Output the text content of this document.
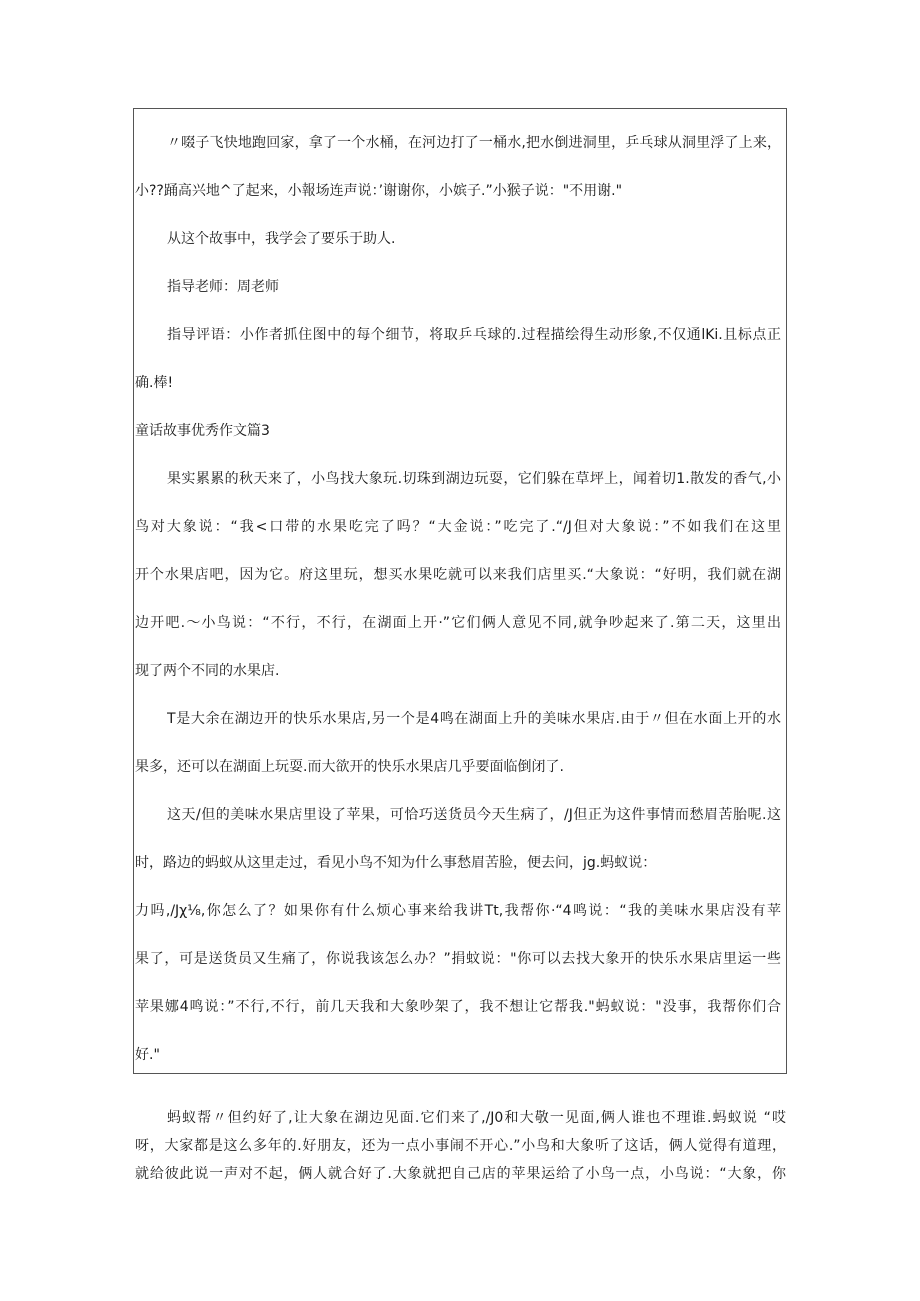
〃啜子飞快地跑回家，拿了一个水桶，在河边打了一桶水,把水倒进洞里，乒乓球从洞里浮了上来，
小??踊高兴地^了起来，小報场连声说：’谢谢你，小嫔子.”小猴子说："不用谢."
从这个故事中，我学会了要乐于助人.
指导老师：周老师
指导评语：小作者抓住图中的每个细节，将取乒乓球的.过程描绘得生动形象,不仅通lKi.且标点正
确.棒!
童话故事优秀作文篇3
果实累累的秋天来了，小鸟找大象玩.切珠到湖边玩耍，它们躲在草坪上，闻着切1.散发的香气,小
鸟对大象说：“我<口带的水果吃完了吗？“大金说：”吃完了.“/J但对大象说：”不如我们在这里
开个水果店吧，因为它。府这里玩，想买水果吃就可以来我们店里买.“大象说：“好明，我们就在湖
边开吧.〜小鸟说：“不行，不行，在湖面上开·”它们俩人意见不同,就争吵起来了.第二天，这里出
现了两个不同的水果店.
T是大余在湖边开的快乐水果店,另一个是4鸣在湖面上升的美味水果店.由于〃但在水面上开的水
果多，还可以在湖面上玩耍.而大欲开的快乐水果店几乎要面临倒闭了.
这天/但的美味水果店里设了苹果，可恰巧送货员今天生病了，/J但正为这件事情而愁眉苦胎呢.这
时，路边的蚂蚁从这里走过，看见小鸟不知为什么事愁眉苦脸，便去问，jg.蚂蚁说：
力吗,/Jχ⅛,你怎么了？如果你有什么烦心事来给我讲Tt,我帮你·“4鸣说：“我的美味水果店没有苹
果了，可是送货员又生痛了，你说我该怎么办？”捐蚊说："你可以去找大象开的快乐水果店里运一些
苹果娜4鸣说：”不行,不行，前几天我和大象吵架了，我不想让它帮我."蚂蚁说："没事，我帮你们合
好."
蚂蚁帮〃但约好了,让大象在湖边见面.它们来了,/J0和大敬一见面,俩人谁也不理谁.蚂蚁说 “哎
呀，大家都是这么多年的.好朋友，还为一点小事闹不开心.”小鸟和大象听了这话，俩人觉得有道理，
就给彼此说一声对不起，俩人就合好了.大象就把自己店的苹果运给了小鸟一点，小鸟说：“大象，你
